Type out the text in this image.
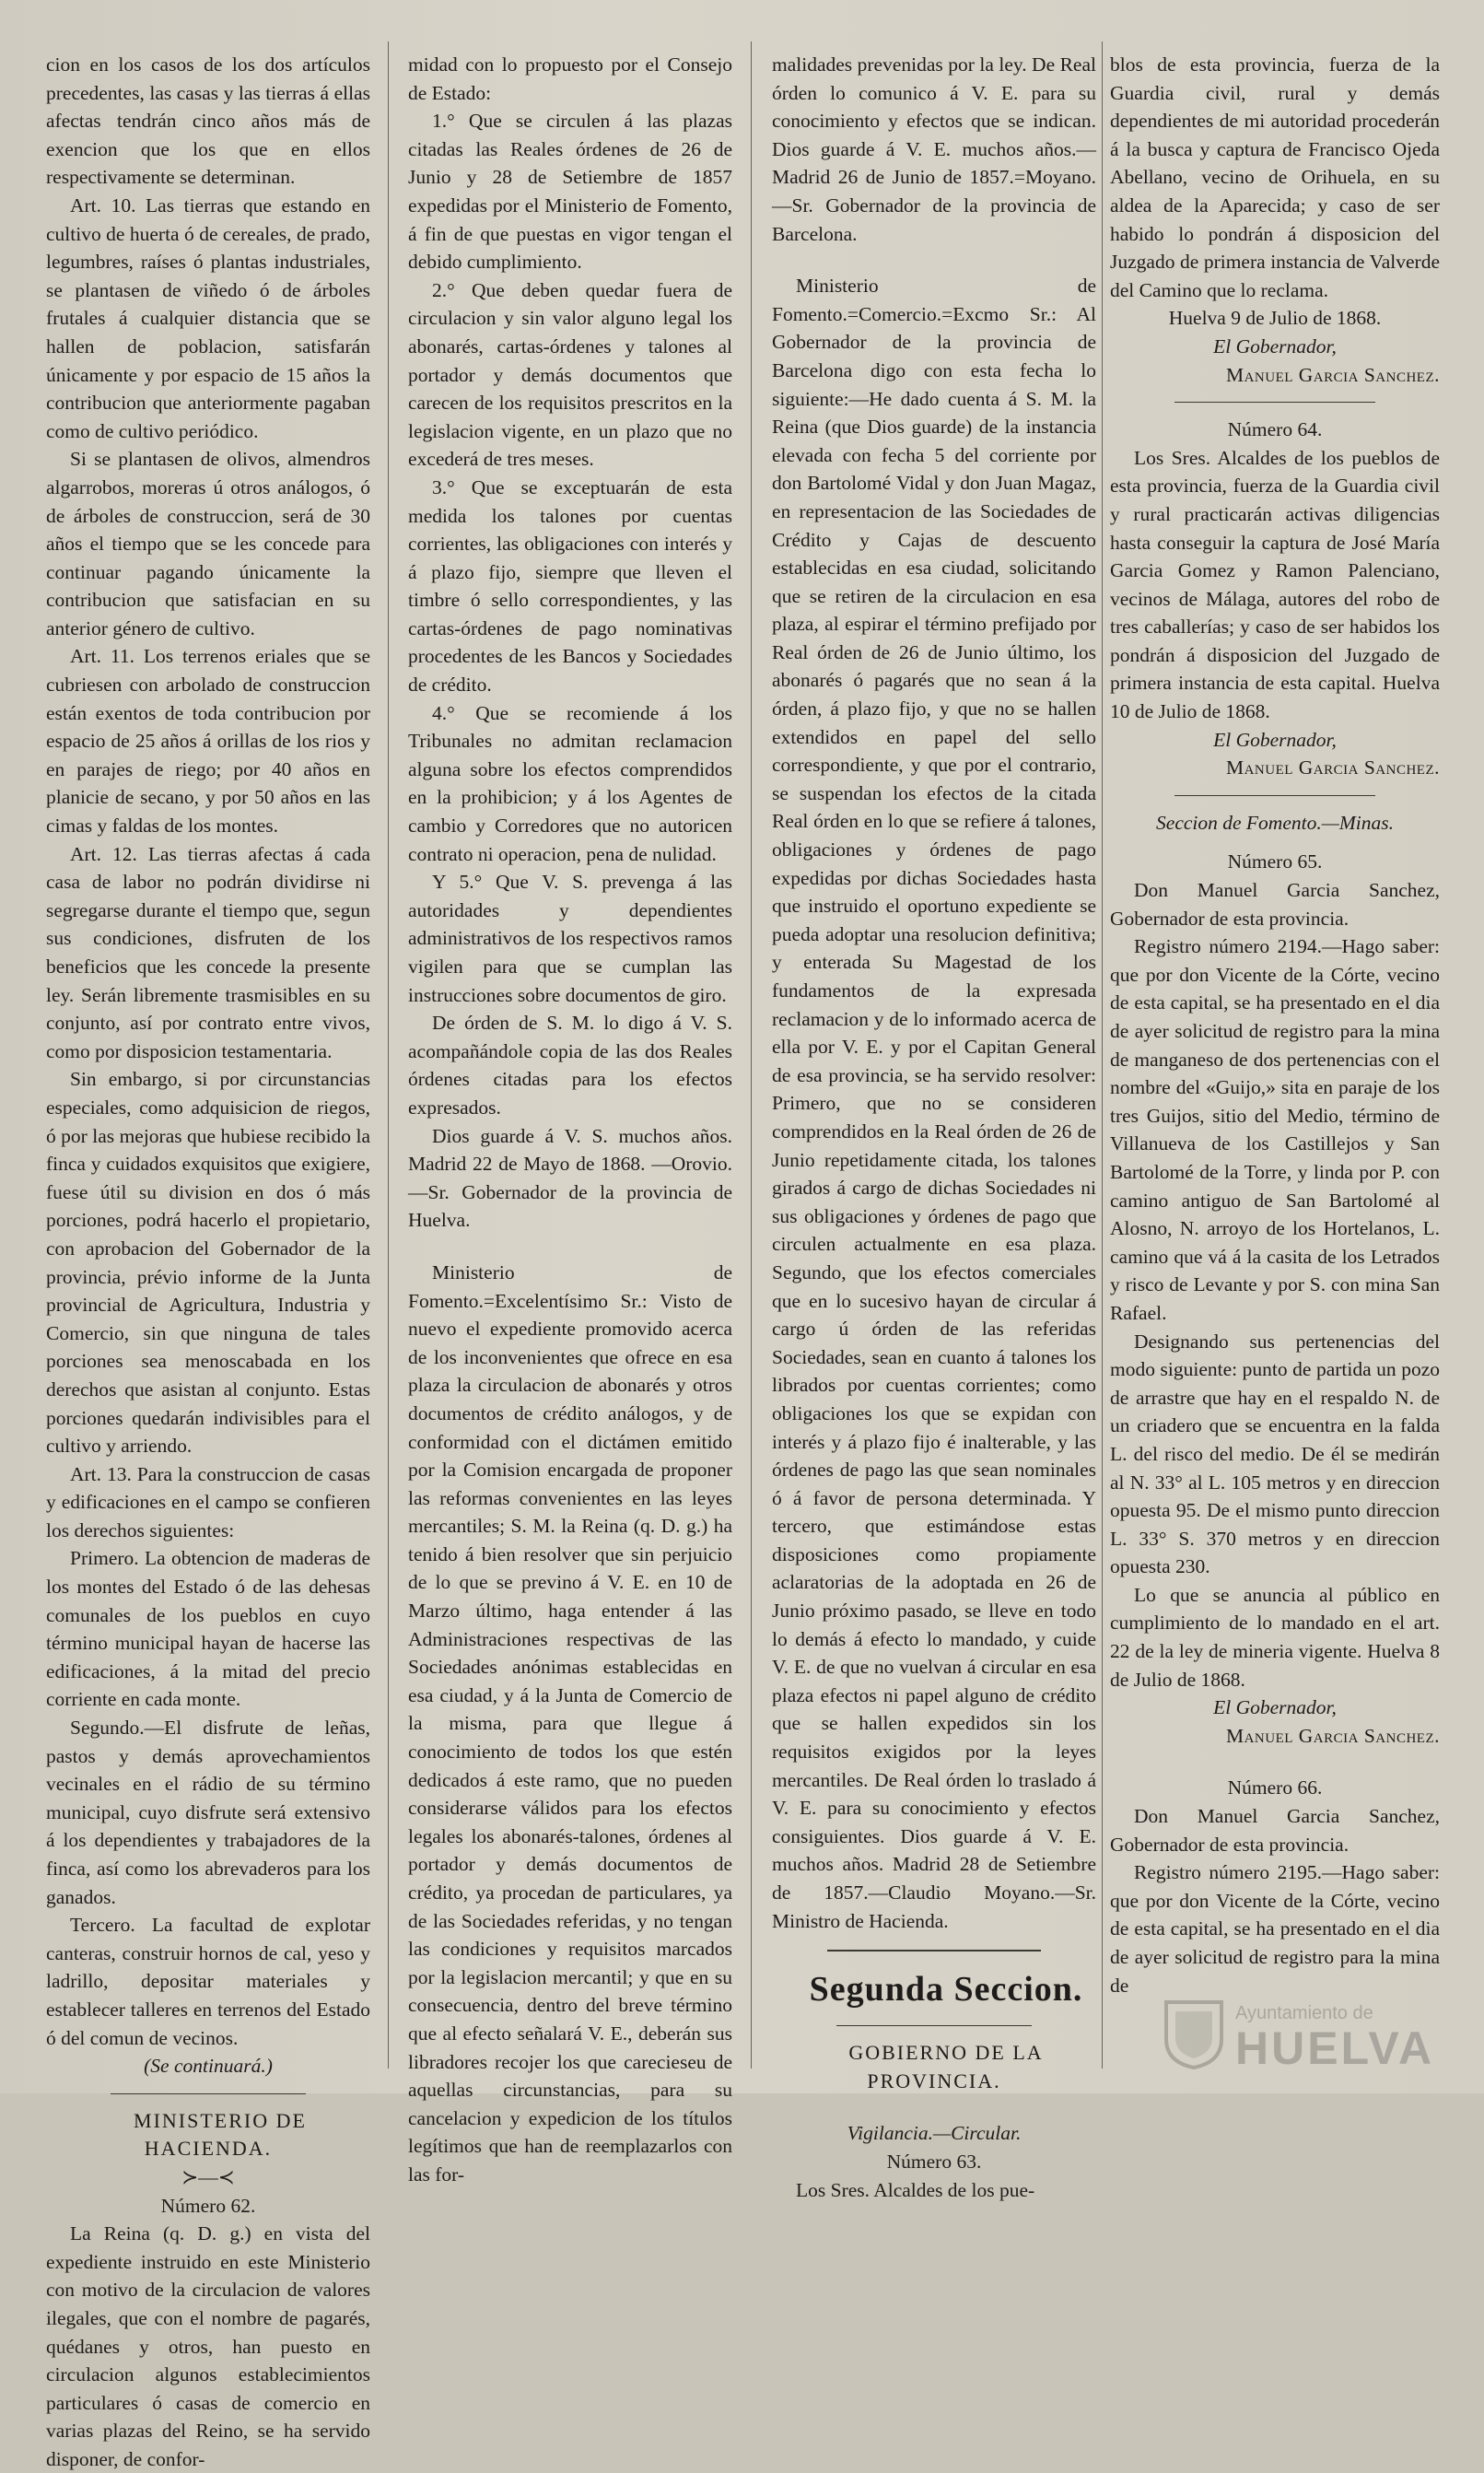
cion en los casos de los dos artículos precedentes, las casas y las tierras á ellas afectas tendrán cinco años más de exencion que los que en ellos respectivamente se determinan.

Art. 10. Las tierras que estando en cultivo de huerta ó de cereales, de prado, legumbres, raíses ó plantas industriales, se plantasen de viñedo ó de árboles frutales á cualquier distancia que se hallen de poblacion, satisfarán únicamente y por espacio de 15 años la contribucion que anteriormente pagaban como de cultivo periódico.

Si se plantasen de olivos, almendros algarrobos, moreras ú otros análogos, ó de árboles de construccion, será de 30 años el tiempo que se les concede para continuar pagando únicamente la contribucion que satisfacian en su anterior género de cultivo.

Art. 11. Los terrenos eriales que se cubriesen con arbolado de construccion están exentos de toda contribucion por espacio de 25 años á orillas de los rios y en parajes de riego; por 40 años en planicie de secano, y por 50 años en las cimas y faldas de los montes.

Art. 12. Las tierras afectas á cada casa de labor no podrán dividirse ni segregarse durante el tiempo que, segun sus condiciones, disfruten de los beneficios que les concede la presente ley. Serán libremente trasmisibles en su conjunto, así por contrato entre vivos, como por disposicion testamentaria.

Sin embargo, si por circunstancias especiales, como adquisicion de riegos, ó por las mejoras que hubiese recibido la finca y cuidados exquisitos que exigiere, fuese útil su division en dos ó más porciones, podrá hacerlo el propietario, con aprobacion del Gobernador de la provincia, prévio informe de la Junta provincial de Agricultura, Industria y Comercio, sin que ninguna de tales porciones sea menoscabada en los derechos que asistan al conjunto. Estas porciones quedarán indivisibles para el cultivo y arriendo.

Art. 13. Para la construccion de casas y edificaciones en el campo se confieren los derechos siguientes:

Primero. La obtencion de maderas de los montes del Estado ó de las dehesas comunales de los pueblos en cuyo término municipal hayan de hacerse las edificaciones, á la mitad del precio corriente en cada monte.

Segundo.—El disfrute de leñas, pastos y demás aprovechamientos vecinales en el rádio de su término municipal, cuyo disfrute será extensivo á los dependientes y trabajadores de la finca, así como los abrevaderos para los ganados.

Tercero. La facultad de explotar canteras, construir hornos de cal, yeso y ladrillo, depositar materiales y establecer talleres en terrenos del Estado ó del comun de vecinos.

(Se continuará.)

MINISTERIO DE HACIENDA.

≻—≺

Número 62.

La Reina (q. D. g.) en vista del expediente instruido en este Ministerio con motivo de la circulacion de valores ilegales, que con el nombre de pagarés, quédanes y otros, han puesto en circulacion algunos establecimientos particulares ó casas de comercio en varias plazas del Reino, se ha servido disponer, de confor-

midad con lo propuesto por el Consejo de Estado:

1.° Que se circulen á las plazas citadas las Reales órdenes de 26 de Junio y 28 de Setiembre de 1857 expedidas por el Ministerio de Fomento, á fin de que puestas en vigor tengan el debido cumplimiento.

2.° Que deben quedar fuera de circulacion y sin valor alguno legal los abonarés, cartas-órdenes y talones al portador y demás documentos que carecen de los requisitos prescritos en la legislacion vigente, en un plazo que no excederá de tres meses.

3.° Que se exceptuarán de esta medida los talones por cuentas corrientes, las obligaciones con interés y á plazo fijo, siempre que lleven el timbre ó sello correspondientes, y las cartas-órdenes de pago nominativas procedentes de les Bancos y Sociedades de crédito.

4.° Que se recomiende á los Tribunales no admitan reclamacion alguna sobre los efectos comprendidos en la prohibicion; y á los Agentes de cambio y Corredores que no autoricen contrato ni operacion, pena de nulidad.

Y 5.° Que V. S. prevenga á las autoridades y dependientes administrativos de los respectivos ramos vigilen para que se cumplan las instrucciones sobre documentos de giro.

De órden de S. M. lo digo á V. S. acompañándole copia de las dos Reales órdenes citadas para los efectos expresados.

Dios guarde á V. S. muchos años. Madrid 22 de Mayo de 1868. —Orovio.—Sr. Gobernador de la provincia de Huelva.

Ministerio de Fomento.=Excelentísimo Sr.: Visto de nuevo el expediente promovido acerca de los inconvenientes que ofrece en esa plaza la circulacion de abonarés y otros documentos de crédito análogos, y de conformidad con el dictámen emitido por la Comision encargada de proponer las reformas convenientes en las leyes mercantiles; S. M. la Reina (q. D. g.) ha tenido á bien resolver que sin perjuicio de lo que se previno á V. E. en 10 de Marzo último, haga entender á las Administraciones respectivas de las Sociedades anónimas establecidas en esa ciudad, y á la Junta de Comercio de la misma, para que llegue á conocimiento de todos los que estén dedicados á este ramo, que no pueden considerarse válidos para los efectos legales los abonarés-talones, órdenes al portador y demás documentos de crédito, ya procedan de particulares, ya de las Sociedades referidas, y no tengan las condiciones y requisitos marcados por la legislacion mercantil; y que en su consecuencia, dentro del breve término que al efecto señalará V. E., deberán sus libradores recojer los que carecieseu de aquellas circunstancias, para su cancelacion y expedicion de los títulos legítimos que han de reemplazarlos con las for-

malidades prevenidas por la ley. De Real órden lo comunico á V. E. para su conocimiento y efectos que se indican. Dios guarde á V. E. muchos años.—Madrid 26 de Junio de 1857.=Moyano.—Sr. Gobernador de la provincia de Barcelona.

Ministerio de Fomento.=Comercio.=Excmo Sr.: Al Gobernador de la provincia de Barcelona digo con esta fecha lo siguiente:—He dado cuenta á S. M. la Reina (que Dios guarde) de la instancia elevada con fecha 5 del corriente por don Bartolomé Vidal y don Juan Magaz, en representacion de las Sociedades de Crédito y Cajas de descuento establecidas en esa ciudad, solicitando que se retiren de la circulacion en esa plaza, al espirar el término prefijado por Real órden de 26 de Junio último, los abonarés ó pagarés que no sean á la órden, á plazo fijo, y que no se hallen extendidos en papel del sello correspondiente, y que por el contrario, se suspendan los efectos de la citada Real órden en lo que se refiere á talones, obligaciones y órdenes de pago expedidas por dichas Sociedades hasta que instruido el oportuno expediente se pueda adoptar una resolucion definitiva; y enterada Su Magestad de los fundamentos de la expresada reclamacion y de lo informado acerca de ella por V. E. y por el Capitan General de esa provincia, se ha servido resolver: Primero, que no se consideren comprendidos en la Real órden de 26 de Junio repetidamente citada, los talones girados á cargo de dichas Sociedades ni sus obligaciones y órdenes de pago que circulen actualmente en esa plaza. Segundo, que los efectos comerciales que en lo sucesivo hayan de circular á cargo ú órden de las referidas Sociedades, sean en cuanto á talones los librados por cuentas corrientes; como obligaciones los que se expidan con interés y á plazo fijo é inalterable, y las órdenes de pago las que sean nominales ó á favor de persona determinada. Y tercero, que estimándose estas disposiciones como propiamente aclaratorias de la adoptada en 26 de Junio próximo pasado, se lleve en todo lo demás á efecto lo mandado, y cuide V. E. de que no vuelvan á circular en esa plaza efectos ni papel alguno de crédito que se hallen expedidos sin los requisitos exigidos por la leyes mercantiles. De Real órden lo traslado á V. E. para su conocimiento y efectos consiguientes. Dios guarde á V. E. muchos años. Madrid 28 de Setiembre de 1857.—Claudio Moyano.—Sr. Ministro de Hacienda.

Segunda Seccion.

GOBIERNO DE LA PROVINCIA.

Vigilancia.—Circular.

Número 63.

Los Sres. Alcaldes de los pue-

blos de esta provincia, fuerza de la Guardia civil, rural y demás dependientes de mi autoridad procederán á la busca y captura de Francisco Ojeda Abellano, vecino de Orihuela, en su aldea de la Aparecida; y caso de ser habido lo pondrán á disposicion del Juzgado de primera instancia de Valverde del Camino que lo reclama.

Huelva 9 de Julio de 1868.

El Gobernador,

Manuel Garcia Sanchez.

Número 64.

Los Sres. Alcaldes de los pueblos de esta provincia, fuerza de la Guardia civil y rural practicarán activas diligencias hasta conseguir la captura de José María Garcia Gomez y Ramon Palenciano, vecinos de Málaga, autores del robo de tres caballerías; y caso de ser habidos los pondrán á disposicion del Juzgado de primera instancia de esta capital. Huelva 10 de Julio de 1868.

El Gobernador,

Manuel Garcia Sanchez.

Seccion de Fomento.—Minas.

Número 65.

Don Manuel Garcia Sanchez, Gobernador de esta provincia.

Registro número 2194.—Hago saber: que por don Vicente de la Córte, vecino de esta capital, se ha presentado en el dia de ayer solicitud de registro para la mina de manganeso de dos pertenencias con el nombre del «Guijo,» sita en paraje de los tres Guijos, sitio del Medio, término de Villanueva de los Castillejos y San Bartolomé de la Torre, y linda por P. con camino antiguo de San Bartolomé al Alosno, N. arroyo de los Hortelanos, L. camino que vá á la casita de los Letrados y risco de Levante y por S. con mina San Rafael.

Designando sus pertenencias del modo siguiente: punto de partida un pozo de arrastre que hay en el respaldo N. de un criadero que se encuentra en la falda L. del risco del medio. De él se medirán al N. 33° al L. 105 metros y en direccion opuesta 95. De el mismo punto direccion L. 33° S. 370 metros y en direccion opuesta 230.

Lo que se anuncia al público en cumplimiento de lo mandado en el art. 22 de la ley de mineria vigente. Huelva 8 de Julio de 1868.

El Gobernador,

Manuel Garcia Sanchez.

Número 66.

Don Manuel Garcia Sanchez, Gobernador de esta provincia.

Registro número 2195.—Hago saber: que por don Vicente de la Córte, vecino de esta capital, se ha presentado en el dia de ayer solicitud de registro para la mina de

Ayuntamiento de
HUELVA
